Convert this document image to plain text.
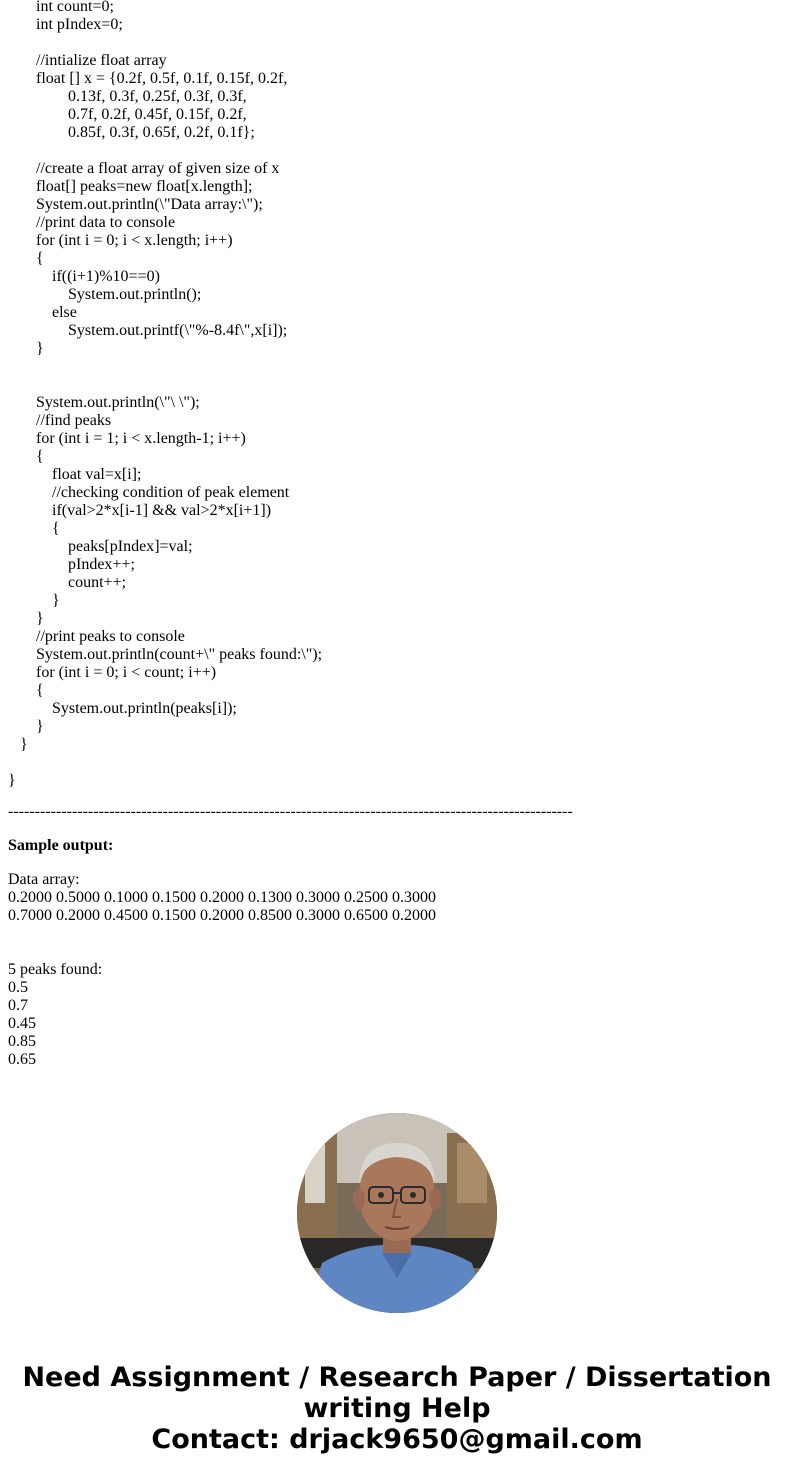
int count=0;
int pIndex=0;
//intialize float array
float [] x = {0.2f, 0.5f, 0.1f, 0.15f, 0.2f,
0.13f, 0.3f, 0.25f, 0.3f, 0.3f,
0.7f, 0.2f, 0.45f, 0.15f, 0.2f,
0.85f, 0.3f, 0.65f, 0.2f, 0.1f};
//create a float array of given size of x
float[] peaks=new float[x.length];
System.out.println(\"Data array:\");
//print data to console
for (int i = 0; i < x.length; i++)
{
if((i+1)%10==0)
System.out.println();
else
System.out.printf(\"%-8.4f\",x[i]);
}
System.out.println(\"\ \");
//find peaks
for (int i = 1; i < x.length-1; i++)
{
float val=x[i];
//checking condition of peak element
if(val>2*x[i-1] && val>2*x[i+1])
{
peaks[pIndex]=val;
pIndex++;
count++;
}
}
//print peaks to console
System.out.println(count+\" peaks found:\");
for (int i = 0; i < count; i++)
{
System.out.println(peaks[i]);
}
}
}
----------------------------------------------------------------------------------------------------------
Sample output:
Data array:
0.2000 0.5000 0.1000 0.1500 0.2000 0.1300 0.3000 0.2500 0.3000
0.7000 0.2000 0.4500 0.1500 0.2000 0.8500 0.3000 0.6500 0.2000
5 peaks found:
0.5
0.7
0.45
0.85
0.65
Need Assignment / Research Paper / Dissertation
writing Help
Contact: drjack9650@gmail.com
